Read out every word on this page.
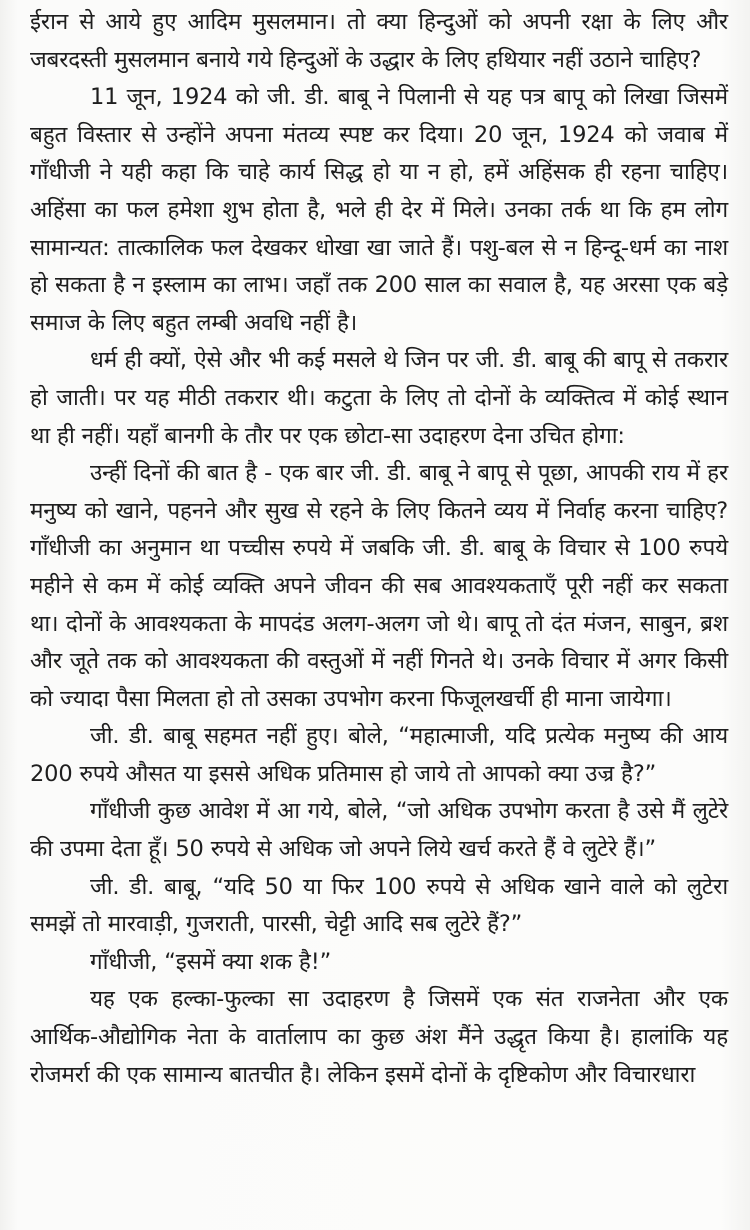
ईरान से आये हुए आदिम मुसलमान। तो क्या हिन्दुओं को अपनी रक्षा के लिए और जबरदस्ती मुसलमान बनाये गये हिन्दुओं के उद्धार के लिए हथियार नहीं उठाने चाहिए?

11 जून, 1924 को जी. डी. बाबू ने पिलानी से यह पत्र बापू को लिखा जिसमें बहुत विस्तार से उन्होंने अपना मंतव्य स्पष्ट कर दिया। 20 जून, 1924 को जवाब में गाँधीजी ने यही कहा कि चाहे कार्य सिद्ध हो या न हो, हमें अहिंसक ही रहना चाहिए। अहिंसा का फल हमेशा शुभ होता है, भले ही देर में मिले। उनका तर्क था कि हम लोग सामान्यत: तात्कालिक फल देखकर धोखा खा जाते हैं। पशु-बल से न हिन्दू-धर्म का नाश हो सकता है न इस्लाम का लाभ। जहाँ तक 200 साल का सवाल है, यह अरसा एक बड़े समाज के लिए बहुत लम्बी अवधि नहीं है।

धर्म ही क्यों, ऐसे और भी कई मसले थे जिन पर जी. डी. बाबू की बापू से तकरार हो जाती। पर यह मीठी तकरार थी। कटुता के लिए तो दोनों के व्यक्तित्व में कोई स्थान था ही नहीं। यहाँ बानगी के तौर पर एक छोटा-सा उदाहरण देना उचित होगा:

उन्हीं दिनों की बात है - एक बार जी. डी. बाबू ने बापू से पूछा, आपकी राय में हर मनुष्य को खाने, पहनने और सुख से रहने के लिए कितने व्यय में निर्वाह करना चाहिए? गाँधीजी का अनुमान था पच्चीस रुपये में जबकि जी. डी. बाबू के विचार से 100 रुपये महीने से कम में कोई व्यक्ति अपने जीवन की सब आवश्यकताएँ पूरी नहीं कर सकता था। दोनों के आवश्यकता के मापदंड अलग-अलग जो थे। बापू तो दंत मंजन, साबुन, ब्रश और जूते तक को आवश्यकता की वस्तुओं में नहीं गिनते थे। उनके विचार में अगर किसी को ज्यादा पैसा मिलता हो तो उसका उपभोग करना फिजूलखर्ची ही माना जायेगा।

जी. डी. बाबू सहमत नहीं हुए। बोले, “महात्माजी, यदि प्रत्येक मनुष्य की आय 200 रुपये औसत या इससे अधिक प्रतिमास हो जाये तो आपको क्या उज्र है?”

गाँधीजी कुछ आवेश में आ गये, बोले, “जो अधिक उपभोग करता है उसे मैं लुटेरे की उपमा देता हूँ। 50 रुपये से अधिक जो अपने लिये खर्च करते हैं वे लुटेरे हैं।”

जी. डी. बाबू, “यदि 50 या फिर 100 रुपये से अधिक खाने वाले को लुटेरा समझें तो मारवाड़ी, गुजराती, पारसी, चेट्टी आदि सब लुटेरे हैं?”

गाँधीजी, “इसमें क्या शक है!”

यह एक हल्का-फुल्का सा उदाहरण है जिसमें एक संत राजनेता और एक आर्थिक-औद्योगिक नेता के वार्तालाप का कुछ अंश मैंने उद्धृत किया है। हालांकि यह रोजमर्रा की एक सामान्य बातचीत है। लेकिन इसमें दोनों के दृष्टिकोण और विचारधारा
